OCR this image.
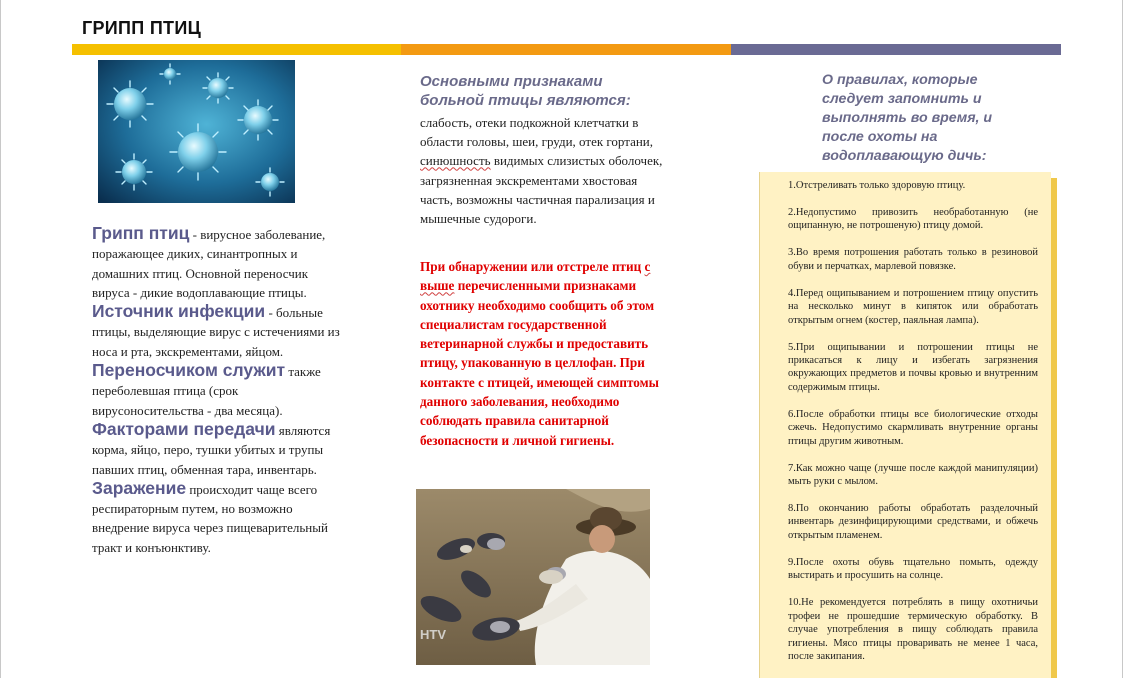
ГРИПП ПТИЦ

Грипп птиц - вирусное заболевание, поражающее диких, синантропных и домашних птиц. Основной переносчик вируса - дикие водоплавающие птицы.

Источник инфекции - больные птицы, выделяющие вирус с истечениями из носа и рта, экскрементами, яйцом.

Переносчиком служит также переболевшая птица (срок вирусоносительства - два месяца).

Факторами передачи являются корма, яйцо, перо, тушки убитых и трупы павших птиц, обменная тара, инвентарь.

Заражение происходит чаще всего респираторным путем, но возможно внедрение вируса через пищеварительный тракт и конъюнктиву.

Основными признаками больной птицы являются:

слабость, отеки подкожной клетчатки в области головы, шеи, груди, отек гортани, синюшность видимых слизистых оболочек, загрязненная экскрементами хвостовая часть, возможны частичная парализация и мышечные судороги.

При обнаружении или отстреле птиц с выше перечисленными признаками охотнику необходимо сообщить об этом специалистам государственной ветеринарной службы и предоставить птицу, упакованную в целлофан. При контакте с птицей, имеющей симптомы данного заболевания, необходимо соблюдать правила санитарной безопасности и личной гигиены.

HTV
О правилах, которые следует запомнить и выполнять во время, и после охоты на водоплавающую дичь:
1.Отстреливать только здоровую птицу.
2.Недопустимо привозить необработанную (не ощипанную, не потрошеную) птицу домой.
3.Во время потрошения работать только в резиновой обуви и перчатках, марлевой повязке.
4.Перед ощипыванием и потрошением птицу опустить на несколько минут в кипяток или обработать открытым огнем (костер, паяльная лампа).
5.При ощипывании и потрошении птицы не прикасаться к лицу и избегать загрязнения окружающих предметов и почвы кровью и внутренним содержимым птицы.
6.После обработки птицы все биологические отходы сжечь. Недопустимо скармливать внутренние органы птицы другим животным.
7.Как можно чаще (лучше после каждой манипуляции) мыть руки с мылом.
8.По окончанию работы обработать разделочный инвентарь дезинфицирующими средствами, и обжечь открытым пламенем.
9.После охоты обувь тщательно помыть, одежду выстирать и просушить на солнце.
10.Не рекомендуется потреблять в пищу охотничьи трофеи не прошедшие термическую обработку. В случае употребления в пищу соблюдать правила гигиены. Мясо птицы проваривать не менее 1 часа, после закипания.
